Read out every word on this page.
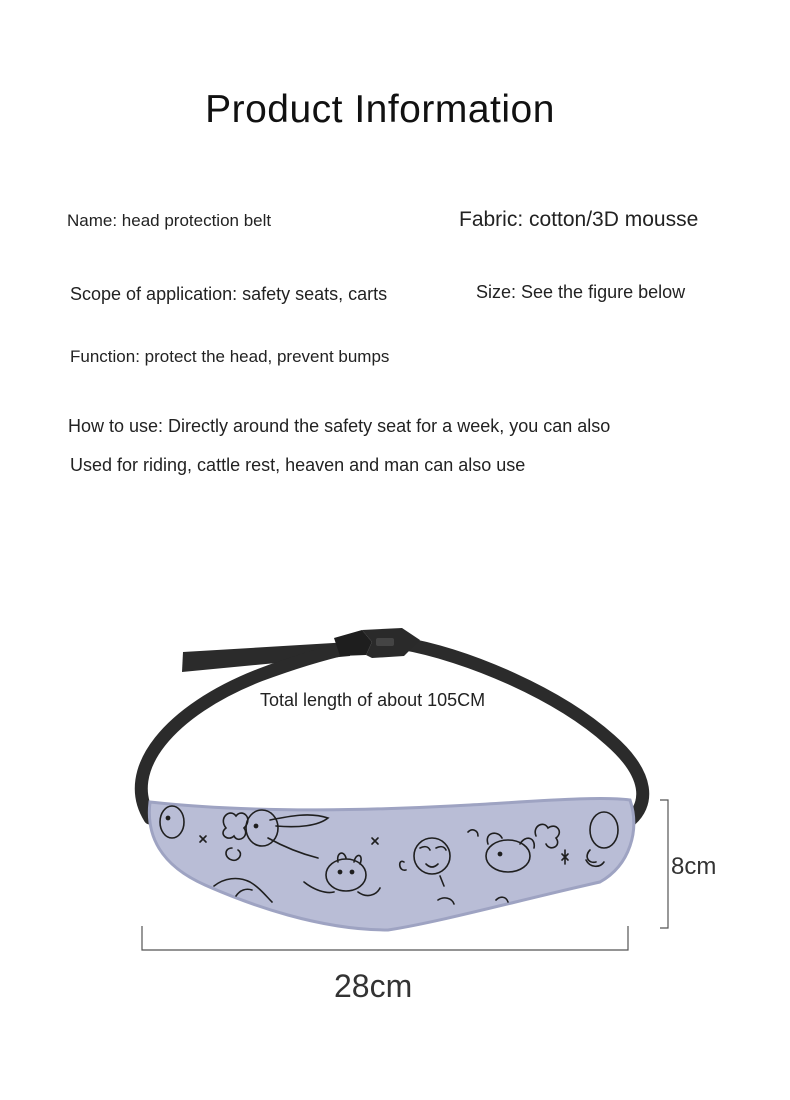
Product Information
Name: head protection belt	Fabric: cotton/3D mousse
Scope of application: safety seats, carts	Size: See the figure below
Function: protect the head, prevent bumps
How to use: Directly around the safety seat for a week, you can also
Used for riding, cattle rest, heaven and man can also use
Total length of about 105CM
8cm
28cm
